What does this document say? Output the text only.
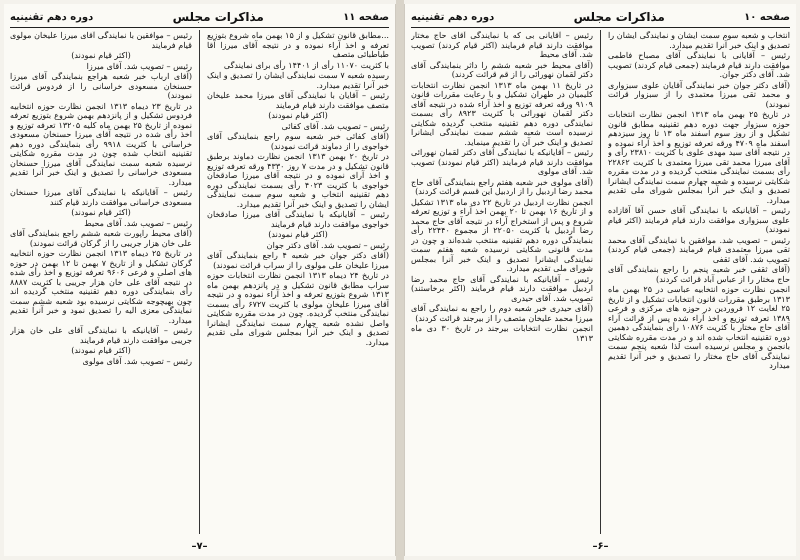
صفحه ۱۱
مذاکرات مجلس
دوره دهم تقنینیه

...مطابق قانون تشکیل و از ۱۵ بهمن ماه شروع بتوزیع تعرفه و اخذ آراء نموده و در نتیجه آقای میرزا آقا طباطبائی متصف

با کثریت ۱۱۰۷۰ رأی از ۱۴۴۰۱ رأی برای نمایندگی

رسیده شعبه ۷ سمت نمایندگی ایشان را تصدیق و اینک خبر آنرا تقدیم میدارد.

رئیس – آقایان با نمایندگی آقای میرزا محمد علیخان متصف موافقت دارند قیام فرمایند

(اکثر قیام نمودند)

رئیس – تصویب شد. آقای کفائی

(آقای کفائی خبر شعبه سوم راجع بنمایندگی آقای خواجوی را از دماوند قرائت نمودند)

در تاریخ ۲۰ بهمن ۱۳۱۳ انجمن نظارت دماوند برطبق قانون تشکیل و در مدت ۷ روز ۴۳۳۰ ورقه تعرفه توزیع و اخذ آرای نموده و در نتیجه آقای میرزا صادقخان خواجوی با کثریت ۴۰۲۳ رأی بسمت نمایندگی دوره دهم تقنینیه انتخاب و شعبه سوم سمت نمایندگی ایشان را تصدیق و اینک خبر آنرا تقدیم میدارد.

رئیس – آقایانیکه با نمایندگی آقای میرزا صادقخان خواجوی موافقت دارند قیام فرمایند

(اکثر قیام نمودند)

رئیس – تصویب شد. آقای دکتر جوان

(آقای دکتر جوان خبر شعبه ۴ راجع بنمایندگی آقای میرزا علیخان علی مولوی را از سراب قرائت نمودند)

در تاریخ ۲۴ دیماه ۱۳۱۳ انجمن نظارت انتخابات حوزه سراب مطابق قانون تشکیل و در پانزدهم بهمن ماه ۱۳۱۳ شروع بتوزیع تعرفه و اخذ آراء نموده و در نتیجه آقای میرزا علیخان مولوی با کثریت ۶۷۲۷ رأی بسمت نمایندگی منتخب گردیده. چون در مدت مقرره شکایتی واصل نشده شعبه چهارم سمت نمایندگی ایشانرا تصدیق و اینک خبر آنرا بمجلس شورای ملی تقدیم میدارد.

رئیس – موافقین با نمایندگی آقای میرزا علیخان مولوی قیام فرمایند

(اکثر قیام نمودند)

رئیس – تصویب شد. آقای میرزا

(آقای ارباب خبر شعبه هراجع بنمایندگی آقای میرزا حسنخان مسعودی خراسانی را از فردوس قرائت نمودند)

در تاریخ ۲۳ دیماه ۱۳۱۳ انجمن نظارت حوزه انتخابیه فردوس تشکیل و از پانزدهم بهمن شروع بتوزیع تعرفه نموده از تاریخ ۲۵ بهمن ماه کلیه ۱۳۲۰۵ تعرفه توزیع و اخذ رأی شده در نتیجه آقای میرزا حسنخان مسعودی خراسانی با کثریت ۹۹۱۸ رأی بنمایندگی دوره دهم تقنینیه انتخاب شده چون در مدت مقرره شکایتی نرسیده شعبه سمت نمایندگی آقای میرزا حسنخان مسعودی خراسانی را تصدیق و اینک خبر آنرا تقدیم میدارد.

رئیس – آقایانیکه با نمایندگی آقای میرزا حسنخان مسعودی خراسانی موافقت دارند قیام کنند

(اکثر قیام نمودند)

رئیس – تصویب شد. آقای محیط

(آقای محیط راپورت شعبه ششم راجع بنمایندگی آقای علی خان هزار جریبی را از گرکان قرائت نمودند)

در تاریخ ۲۵ دیماه ۱۳۱۳ انجمن نظارت حوزه انتخابیه گرکان تشکیل و از تاریخ ۷ بهمن تا ۱۲ بهمن در حوزه های اصلی و فرعی ۹۶۰۶ تعرفه توزیع و اخذ رأی شده در نتیجه آقای علی خان هزار جریبی با کثریت ۸۸۸۷ رأی بنمایندگی دوره دهم تقنینیه منتخب گردیده اند چون بهیچوجه شکایتی نرسیده بود شعبه ششم سمت نمایندگی معزی الیه را تصدیق نمود و خبر آنرا تقدیم میدارد.

رئیس – آقایانیکه با نمایندگی آقای علی خان هزار جریبی موافقت دارند قیام فرمایند

(اکثر قیام نمودند)

رئیس – تصویب شد. آقای مولوی

–۷–
صفحه ۱۰
مذاکرات مجلس
دوره دهم تقنینیه

انتخاب و شعبه سوم سمت ایشان و نمایندگی ایشان را تصدیق و اینک خبر آنرا تقدیم میدارد.

رئیس – آقایانی با نمایندگی آقای مصباح فاطمی موافقت دارند قیام فرمایند (جمعی قیام کردند) تصویب شد. آقای دکتر جوان.

(آقای دکتر جوان خبر نمایندگی آقایان علوی سبزواری و محمد تقی میرزا معتمدی را از سبزوار قرائت نمودند)

در تاریخ ۲۵ بهمن ماه ۱۳۱۳ انجمن نظارت انتخابات حوزه سبزوار جهت دوره دهم تقنینیه مطابق قانون تشکیل و از روز سوم اسفند ماه ۱۳ تا روز سیزدهم اسفند ماه ۴۷۰۹ ورقه تعرفه توزیع و اخذ آراء نموده و در نتیجه آقای سید مهدی علوی با کثریت ۲۳۸۱۰ رأی و آقای میرزا محمد تقی میرزا معتمدی با کثریت ۲۲۸۶۲ رأی بسمت نمایندگی منتخب گردیده و در مدت مقرره شکایتی نرسیده و شعبه چهارم سمت نمایندگی ایشانرا تصدیق و اینک خبر آنرا بمجلس شورای ملی تقدیم میدارد.

رئیس – آقایانیکه با نمایندگی آقای حسن آقا آقازاده علوی سبزواری موافقت دارند قیام فرمایند (اکثر قیام نمودند)

رئیس – تصویب شد. موافقین با نمایندگی آقای محمد تقی میرزا معتمدی قیام فرمایند (جمعی قیام کردند) تصویب شد. آقای ثقفی

(آقای ثقفی خبر شعبه پنجم را راجع بنمایندگی آقای حاج مختار را از عباس آباد قرائت کردند)

انجمن نظارت حوزه انتخابیه عباسی در ۲۵ بهمن ماه ۱۳۱۳ برطبق مقررات قانون انتخابات تشکیل و از تاریخ ۲۵ لغایت ۱۲ فروردین در حوزه های مرکزی و فرعی ۱۳۸۹ تعرفه توزیع و اخذ آراء شده پس از قرائت آراء آقای حاج مختار با کثریت ۱۰۸۷۶ رأی بنمایندگی دهمین دوره تقنینیه انتخاب شده اند و در مدت مقرره شکایتی بانجمن و مجلس نرسیده است لذا شعبه پنجم سمت نمایندگی آقای حاج مختار را تصدیق و خبر آنرا تقدیم میدارد

رئیس – آقایانی بی که با نمایندگی آقای حاج مختار موافقت دارند قیام فرمایند (اکثر قیام کردند) تصویب شد. آقای محیط

(آقای محیط خبر شعبه ششم را داثر بنمایندگی آقای دکتر لقمان نهورائی را از قم قرائت کردند)

در تاریخ ۱۱ بهمن ماه ۱۳۱۳ انجمن نظارت انتخابات کلیمیان در طهران تشکیل و با رعایت مقررات قانون ۹۱۰۹ ورقه تعرفه توزیع و اخذ آراء شده در نتیجه آقای دکتر لقمان نهورائی با کثریت ۸۹۲۳ رأی بسمت نمایندگی دوره دهم تقنینیه منتخب گردیده شکایتی نرسیده است شعبه ششم سمت نمایندگی ایشانرا تصدیق و اینک خبر آن را تقدیم مینماید.

رئیس – آقایانیکه با نمایندگی آقای دکتر لقمان نهورائی موافقت دارند قیام فرمایند (اکثر قیام نمودند) تصویب شد. آقای مولوی

(آقای مولوی خبر شعبه هفتم راجع بنمایندگی آقای حاج محمد رضا اردبیل را از اردبیل این قسم قرائت کردند)

انجمن نظارت اردبیل در تاریخ ۲۲ دی ماه ۱۳۱۳ تشکیل و از تاریخ ۱۶ بهمن تا ۲۰ بهمن اخذ آراء و توزیع تعرفه شروع و پس از استخراج آراء در نتیجه آقای حاج محمد رضا اردبیل با کثریت ۲۲۰۵۰ از مجموع ۲۲۴۴۰ رأی بنمایندگی دوره دهم تقنینیه منتخب شده‌اند و چون در مدت قانونی شکایتی نرسیده شعبه هفتم سمت نمایندگی ایشانرا تصدیق و اینک خبر آنرا بمجلس شورای ملی تقدیم میدارد.

رئیس – آقایانیکه با نمایندگی آقای حاج محمد رضا اردبیل موافقت دارند قیام فرمایند (اکثر برخاستند) تصویب شد. آقای حیدری

(آقای حیدری خبر شعبه دوم را راجع به نمایندگی آقای میرزا محمد علیخان متصف را از بیرجند قرائت کردند)

انجمن نظارت انتخابات بیرجند در تاریخ ۳۰ دی ماه ۱۳۱۳

–۶–
